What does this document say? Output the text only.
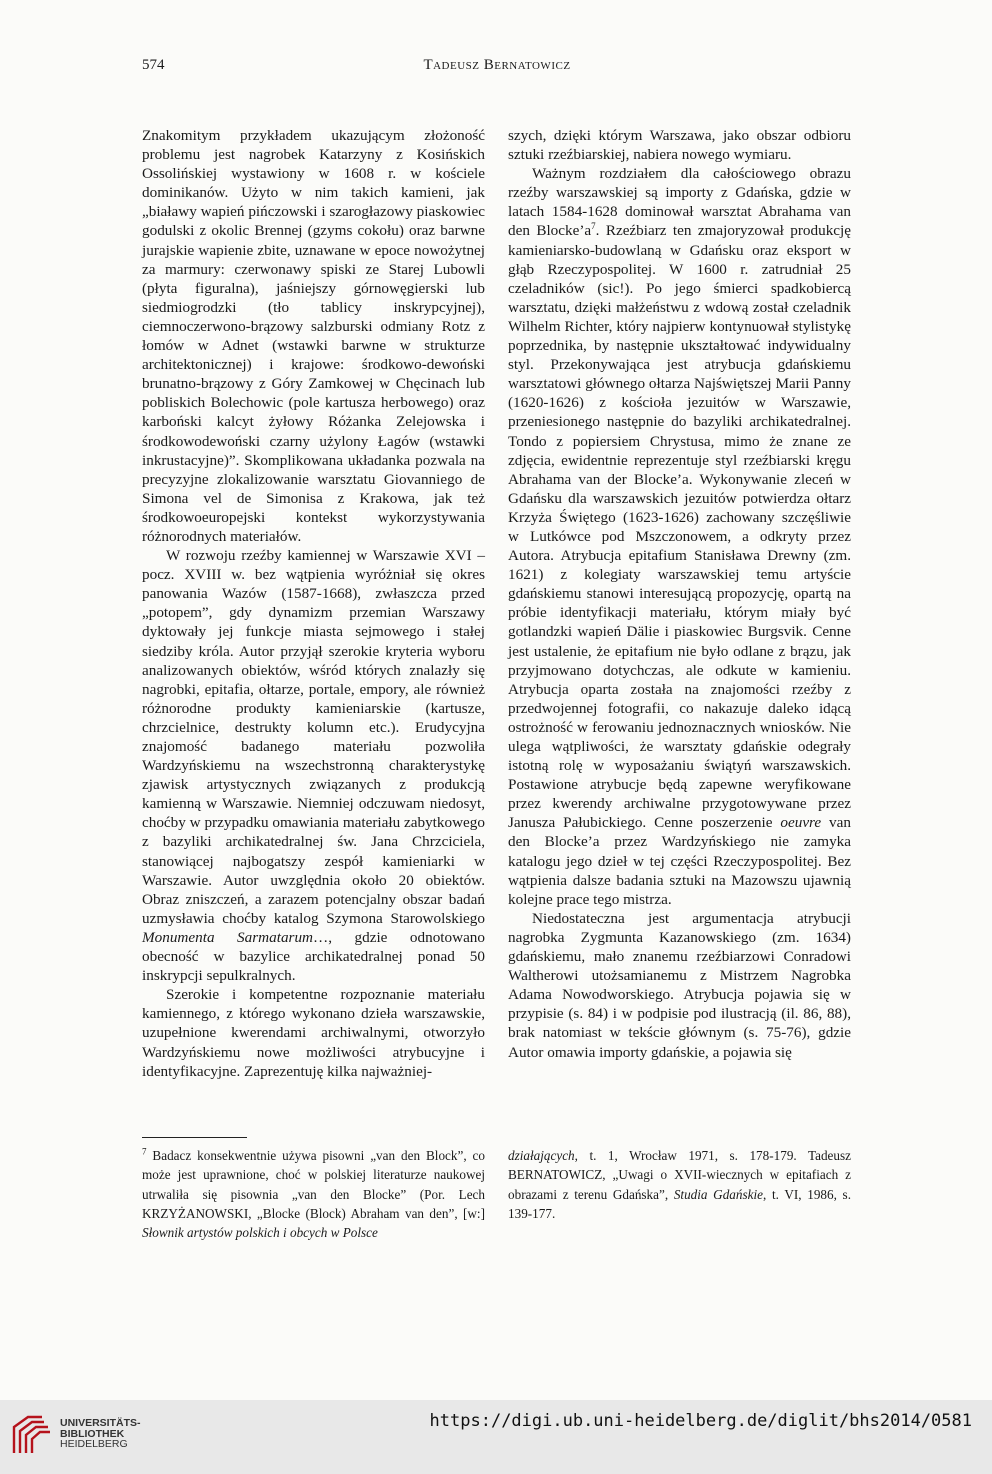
574	Tadeusz Bernatowicz

Znakomitym przykładem ukazującym złożoność problemu jest nagrobek Katarzyny z Kosińskich Ossolińskiej wystawiony w 1608 r. w kościele dominikanów. Użyto w nim takich kamieni, jak „białawy wapień pińczowski i szarogłazowy piaskowiec godulski z okolic Brennej (gzyms cokołu) oraz barwne jurajskie wapienie zbite, uznawane w epoce nowożytnej za marmury: czerwonawy spiski ze Starej Lubowli (płyta figuralna), jaśniejszy górnowęgierski lub siedmiogrodzki (tło tablicy inskrypcyjnej), ciemnoczerwono-brązowy salzburski odmiany Rotz z łomów w Adnet (wstawki barwne w strukturze architektonicznej) i krajowe: środkowo-dewoński brunatno-brązowy z Góry Zamkowej w Chęcinach lub pobliskich Bolechowic (pole kartusza herbowego) oraz karboński kalcyt żyłowy Różanka Zelejowska i środkowodewoński czarny użylony Łagów (wstawki inkrustacyjne)”. Skomplikowana układanka pozwala na precyzyjne zlokalizowanie warsztatu Giovanniego de Simona vel de Simonisa z Krakowa, jak też środkowoeuropejski kontekst wykorzystywania różnorodnych materiałów.

W rozwoju rzeźby kamiennej w Warszawie XVI – pocz. XVIII w. bez wątpienia wyróżniał się okres panowania Wazów (1587-1668), zwłaszcza przed „potopem”, gdy dynamizm przemian Warszawy dyktowały jej funkcje miasta sejmowego i stałej siedziby króla. Autor przyjął szerokie kryteria wyboru analizowanych obiektów, wśród których znalazły się nagrobki, epitafia, ołtarze, portale, empory, ale również różnorodne produkty kamieniarskie (kartusze, chrzcielnice, destrukty kolumn etc.). Erudycyjna znajomość badanego materiału pozwoliła Wardzyńskiemu na wszechstronną charakterystykę zjawisk artystycznych związanych z produkcją kamienną w Warszawie. Niemniej odczuwam niedosyt, choćby w przypadku omawiania materiału zabytkowego z bazyliki archikatedralnej św. Jana Chrzciciela, stanowiącej najbogatszy zespół kamieniarki w Warszawie. Autor uwzględnia około 20 obiektów. Obraz zniszczeń, a zarazem potencjalny obszar badań uzmysławia choćby katalog Szymona Starowolskiego Monumenta Sarmatarum…, gdzie odnotowano obecność w bazylice archikatedralnej ponad 50 inskrypcji sepulkralnych.

Szerokie i kompetentne rozpoznanie materiału kamiennego, z którego wykonano dzieła warszawskie, uzupełnione kwerendami archiwalnymi, otworzyło Wardzyńskiemu nowe możliwości atrybucyjne i identyfikacyjne. Zaprezentuję kilka najważniej-

szych, dzięki którym Warszawa, jako obszar odbioru sztuki rzeźbiarskiej, nabiera nowego wymiaru.

Ważnym rozdziałem dla całościowego obrazu rzeźby warszawskiej są importy z Gdańska, gdzie w latach 1584-1628 dominował warsztat Abrahama van den $Blocke’a^7$. Rzeźbiarz ten zmajoryzował produkcję kamieniarsko-budowlaną w Gdańsku oraz eksport w głąb Rzeczypospolitej. W 1600 r. zatrudniał 25 czeladników (sic!). Po jego śmierci spadkobiercą warsztatu, dzięki małżeństwu z wdową został czeladnik Wilhelm Richter, który najpierw kontynuował stylistykę poprzednika, by następnie ukształtować indywidualny styl. Przekonywająca jest atrybucja gdańskiemu warsztatowi głównego ołtarza Najświętszej Marii Panny (1620-1626) z kościoła jezuitów w Warszawie, przeniesionego następnie do bazyliki archikatedralnej. Tondo z popiersiem Chrystusa, mimo że znane ze zdjęcia, ewidentnie reprezentuje styl rzeźbiarski kręgu Abrahama van der Blocke’a. Wykonywanie zleceń w Gdańsku dla warszawskich jezuitów potwierdza ołtarz Krzyża Świętego (1623-1626) zachowany szczęśliwie w Lutkówce pod Mszczonowem, a odkryty przez Autora. Atrybucja epitafium Stanisława Drewny (zm. 1621) z kolegiaty warszawskiej temu artyście gdańskiemu stanowi interesującą propozycję, opartą na próbie identyfikacji materiału, którym miały być gotlandzki wapień Dälie i piaskowiec Burgsvik. Cenne jest ustalenie, że epitafium nie było odlane z brązu, jak przyjmowano dotychczas, ale odkute w kamieniu. Atrybucja oparta została na znajomości rzeźby z przedwojennej fotografii, co nakazuje daleko idącą ostrożność w ferowaniu jednoznacznych wniosków. Nie ulega wątpliwości, że warsztaty gdańskie odegrały istotną rolę w wyposażaniu świątyń warszawskich. Postawione atrybucje będą zapewne weryfikowane przez kwerendy archiwalne przygotowywane przez Janusza Pałubickiego. Cenne poszerzenie oeuvre van den Blocke’a przez Wardzyńskiego nie zamyka katalogu jego dzieł w tej części Rzeczypospolitej. Bez wątpienia dalsze badania sztuki na Mazowszu ujawnią kolejne prace tego mistrza.

Niedostateczna jest argumentacja atrybucji nagrobka Zygmunta Kazanowskiego (zm. 1634) gdańskiemu, mało znanemu rzeźbiarzowi Conradowi Waltherowi utożsamianemu z Mistrzem Nagrobka Adama Nowodworskiego. Atrybucja pojawia się w przypisie (s. 84) i w podpisie pod ilustracją (il. 86, 88), brak natomiast w tekście głównym (s. 75-76), gdzie Autor omawia importy gdańskie, a pojawia się

$^7$ Badacz konsekwentnie używa pisowni „van den Block”, co może jest uprawnione, choć w polskiej literaturze naukowej utrwaliła się pisownia „van den Blocke” (Por. Lech KRZYŻANOWSKI, „Blocke (Block) Abraham van den”, [w:] Słownik artystów polskich i obcych w Polsce
działających, t. 1, Wrocław 1971, s. 178-179. Tadeusz BERNATOWICZ, „Uwagi o XVII-wiecznych w epitafiach z obrazami z terenu Gdańska”, Studia Gdańskie, t. VI, 1986, s. 139-177.
UNIVERSITÄTS-
BIBLIOTHEK
HEIDELBERG
https://digi.ub.uni-heidelberg.de/diglit/bhs2014/0581
